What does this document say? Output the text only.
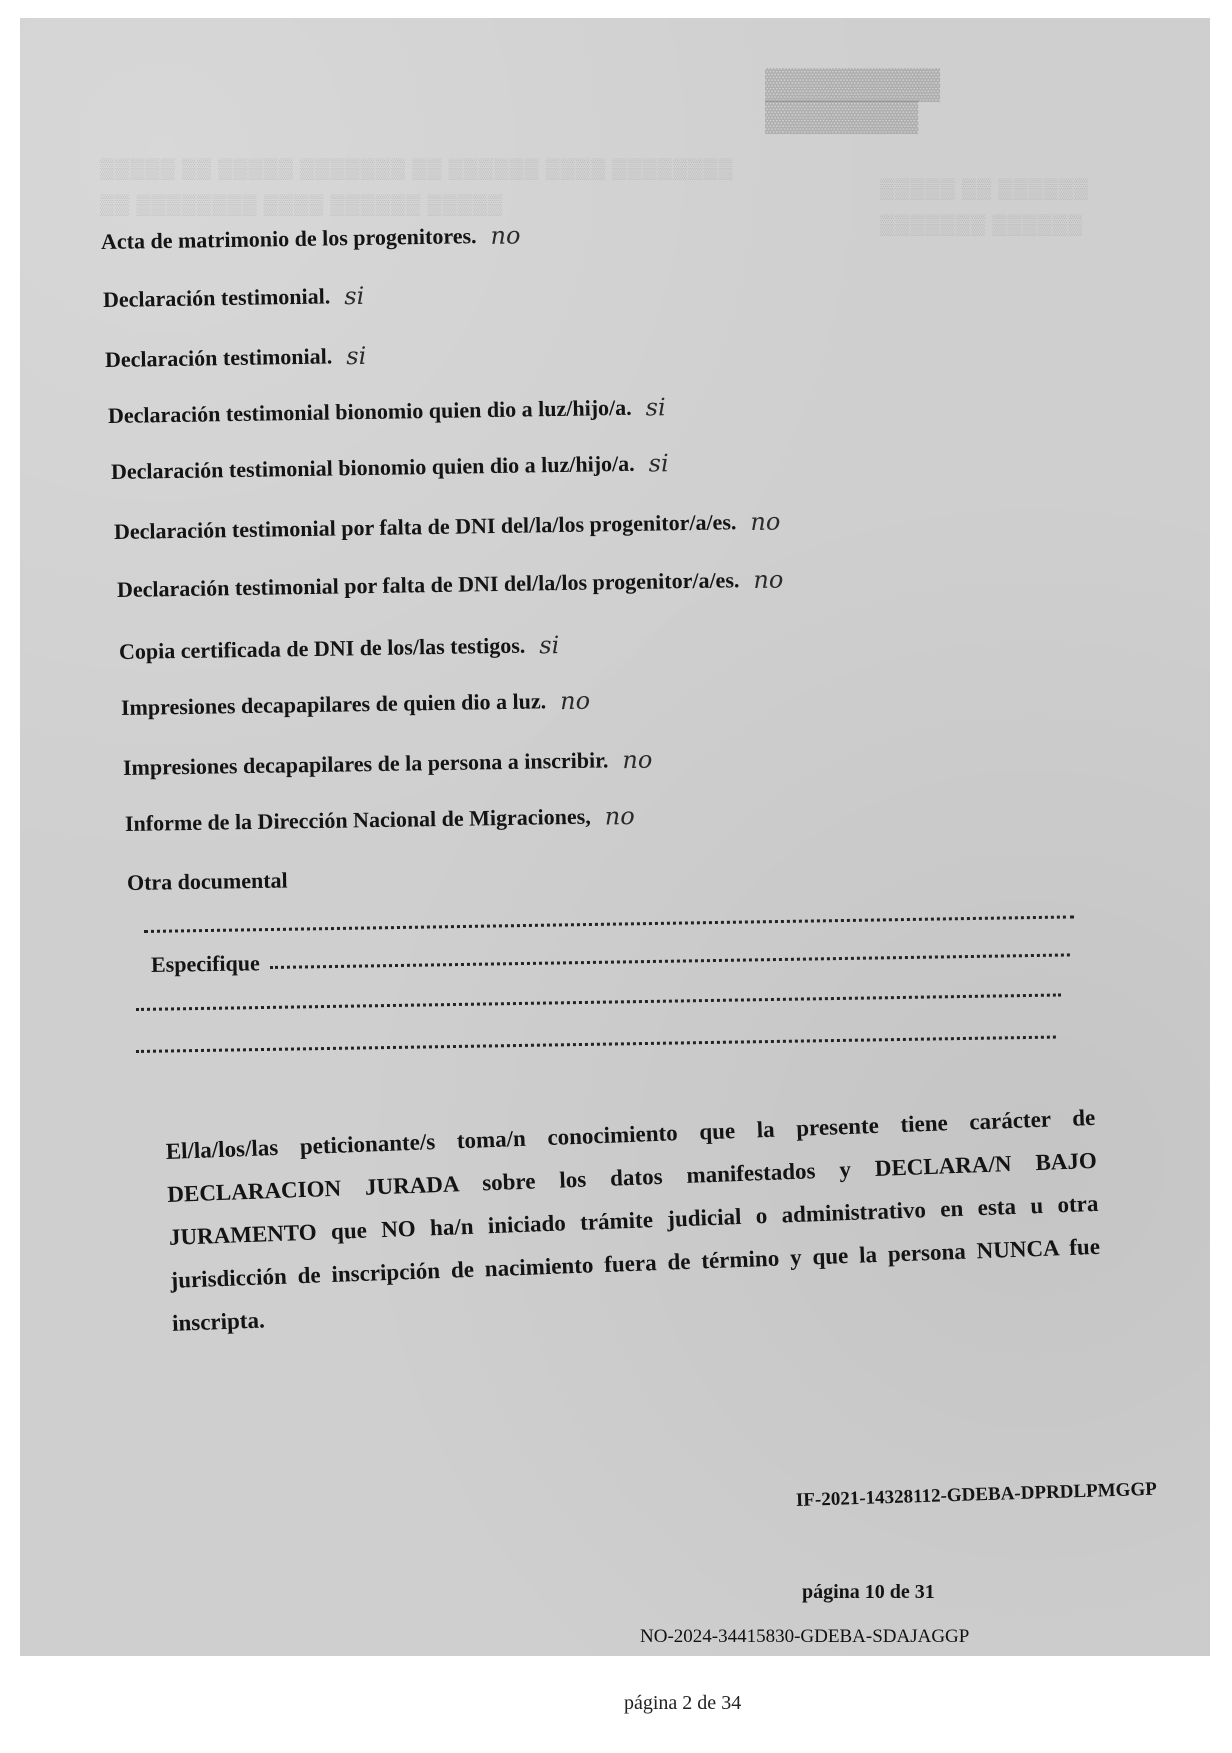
▒▒▒▒▒ ▒▒ ▒▒▒▒▒ ▒▒▒▒▒▒▒ ▒▒ ▒▒▒▒▒▒ ▒▒▒▒ ▒▒▒▒▒▒▒▒
▒▒ ▒▒▒▒▒▒▒▒ ▒▒▒▒ ▒▒▒▒▒▒ ▒▒▒▒▒
▒▒▒▒▒ ▒▒ ▒▒▒▒▒▒
▒▒▒▒▒▒▒ ▒▒▒▒▒▒
▓▓▓▓▓▓▓▓
▓▓▓▓▓▓▓
Acta de matrimonio de los progenitores. no
Declaración testimonial. si
Declaración testimonial. si
Declaración testimonial bionomio quien dio a luz/hijo/a. si
Declaración testimonial bionomio quien dio a luz/hijo/a. si
Declaración testimonial por falta de DNI del/la/los progenitor/a/es. no
Declaración testimonial por falta de DNI del/la/los progenitor/a/es. no
Copia certificada de DNI de los/las testigos. si
Impresiones decapapilares de quien dio a luz. no
Impresiones decapapilares de la persona a inscribir. no
Informe de la Dirección Nacional de Migraciones, no
Otra documental
Especifique
El/la/los/las peticionante/s toma/n conocimiento que la presente tiene carácter de DECLARACION JURADA sobre los datos manifestados y DECLARA/N BAJO JURAMENTO que NO ha/n iniciado trámite judicial o administrativo en esta u otra jurisdicción de inscripción de nacimiento fuera de término y que la persona NUNCA fue inscripta.
IF-2021-14328112-GDEBA-DPRDLPMGGP
página 10 de 31
NO-2024-34415830-GDEBA-SDAJAGGP
página 2 de 34
